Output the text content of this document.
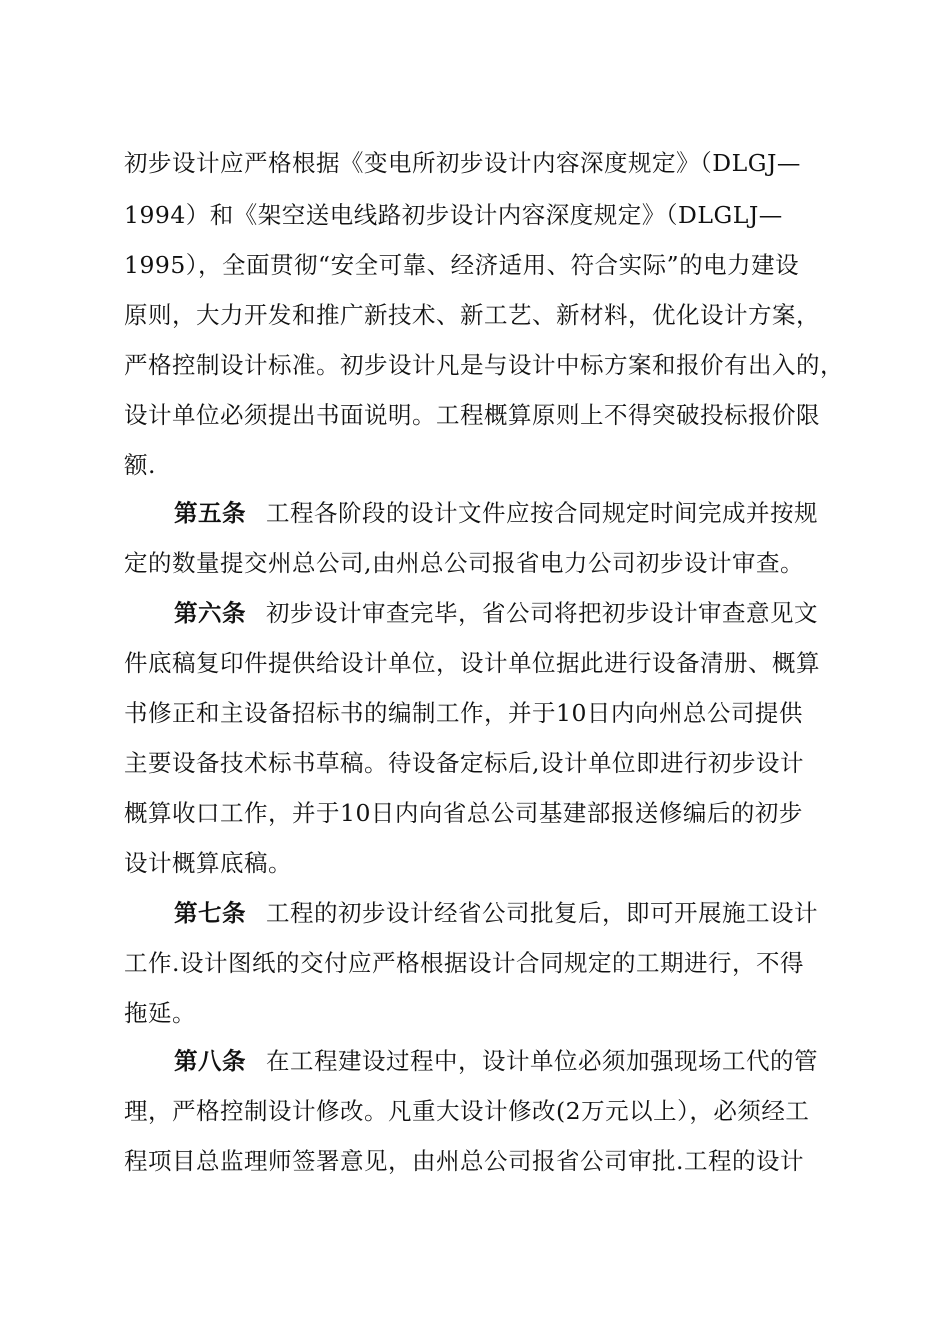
初步设计应严格根据《变电所初步设计内容深度规定》（DLGJ—
1994）和《架空送电线路初步设计内容深度规定》（DLGLJ—
1995），全面贯彻“安全可靠、经济适用、符合实际”的电力建设
原则，大力开发和推广新技术、新工艺、新材料，优化设计方案，
严格控制设计标准。初步设计凡是与设计中标方案和报价有出入的，
设计单位必须提出书面说明。工程概算原则上不得突破投标报价限
额.
第五条 工程各阶段的设计文件应按合同规定时间完成并按规
定的数量提交州总公司,由州总公司报省电力公司初步设计审查。
第六条 初步设计审查完毕，省公司将把初步设计审查意见文
件底稿复印件提供给设计单位，设计单位据此进行设备清册、概算
书修正和主设备招标书的编制工作，并于10日内向州总公司提供
主要设备技术标书草稿。待设备定标后,设计单位即进行初步设计
概算收口工作，并于10日内向省总公司基建部报送修编后的初步
设计概算底稿。
第七条 工程的初步设计经省公司批复后，即可开展施工设计
工作.设计图纸的交付应严格根据设计合同规定的工期进行，不得
拖延。
第八条 在工程建设过程中，设计单位必须加强现场工代的管
理，严格控制设计修改。凡重大设计修改(2万元以上），必须经工
程项目总监理师签署意见，由州总公司报省公司审批.工程的设计
